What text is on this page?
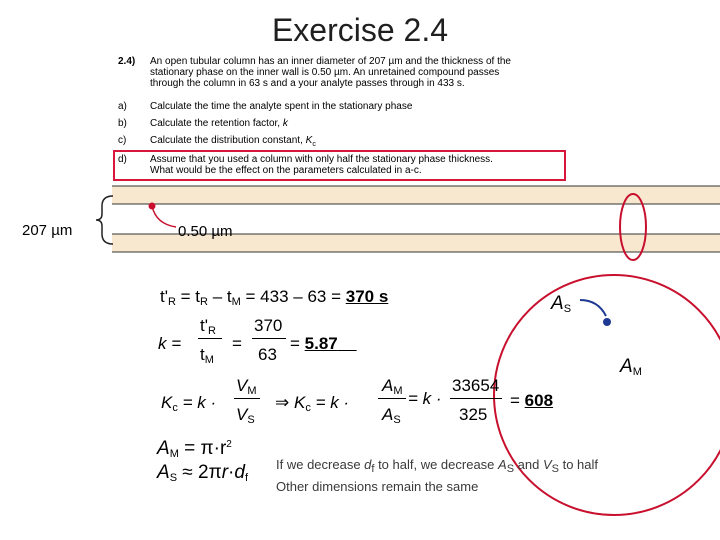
Exercise 2.4
2.4) An open tubular column has an inner diameter of 207 µm and the thickness of the
stationary phase on the inner wall is 0.50 µm. An unretained compound passes
through the column in 63 s and a your analyte passes through in 433 s.
a) Calculate the time the analyte spent in the stationary phase
b) Calculate the retention factor, k
c) Calculate the distribution constant, $K_c$
d) Assume that you used a column with only half the stationary phase thickness.
What would be the effect on the parameters calculated in a-c.
207 µm	0.50 µm
$A_S$
$A_M$
$t'_R = t_R - t_M = 433 - 63 = 370$ s
k =
$t'_R$
$t_M$
=
370
63
= 5.87
$K_c = k$ ·
$V_M$
$V_S$
⇒ $K_c = k$ ·
$A_M$
$A_S$
= k ·
33654
325
= 608
$A_M = \pi\cdot r^2$
$A_S \approx 2\pi r\cdot d_f$
If we decrease $d_f$ to half, we decrease $A_S$ and $V_S$ to half
Other dimensions remain the same
